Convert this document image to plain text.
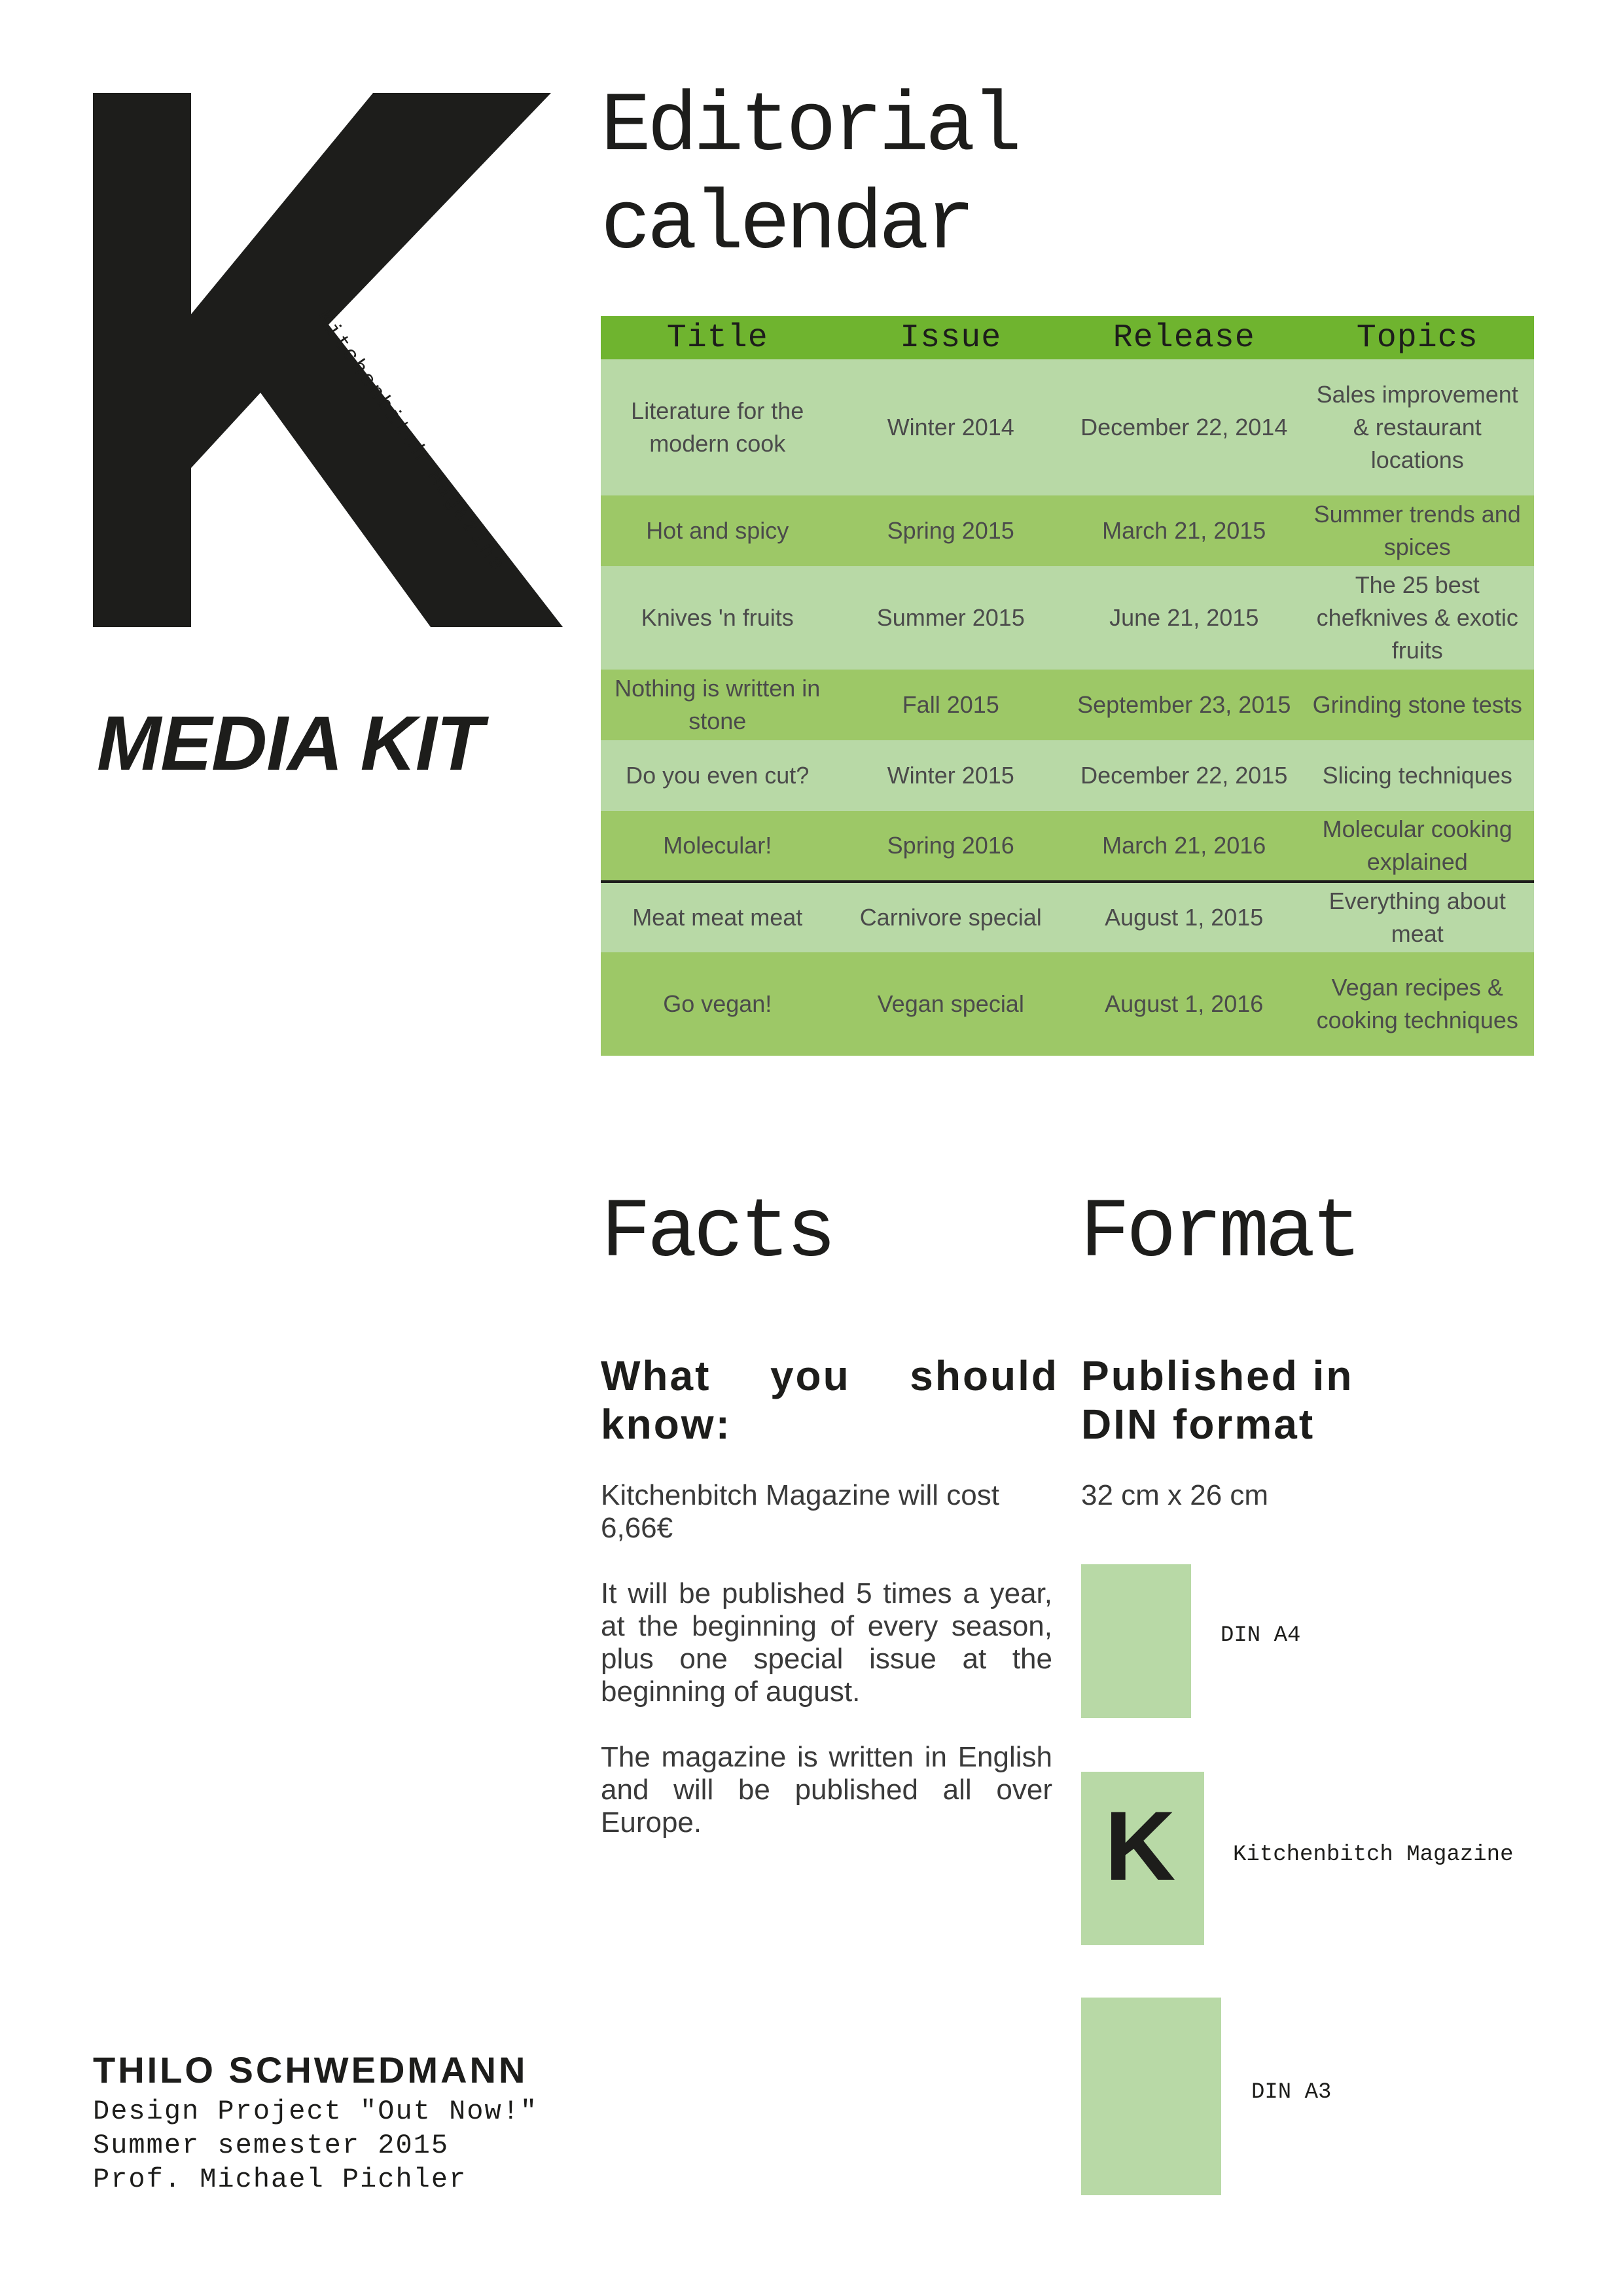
Kitchenbitch Magazine
MEDIA KIT
Editorial
calendar
Title	Issue	Release	Topics
Literature for the modern cook	Winter 2014	December 22, 2014	Sales improvement & restaurant locations
Hot and spicy	Spring 2015	March 21, 2015	Summer trends and spices
Knives 'n fruits	Summer 2015	June 21, 2015	The 25 best chefknives & exotic fruits
Nothing is written in stone	Fall 2015	September 23, 2015	Grinding stone tests
Do you even cut?	Winter 2015	December 22, 2015	Slicing techniques
Molecular!	Spring 2016	March 21, 2016	Molecular cooking explained
Meat meat meat	Carnivore special	August 1, 2015	Everything about meat
Go vegan!	Vegan special	August 1, 2016	Vegan recipes & cooking techniques
Facts
What you should
know:

Kitchenbitch Magazine will cost 6,66€

It will be published 5 times a year, at the beginning of every season, plus one special issue at the beginning of august.

The magazine is written in English and will be published all over Europe.

Format
Published in
DIN format
32 cm x 26 cm
DIN A4
K	Kitchenbitch Magazine
DIN A3
THILO SCHWEDMANN
Design Project "Out Now!"
Summer semester 2015
Prof. Michael Pichler
